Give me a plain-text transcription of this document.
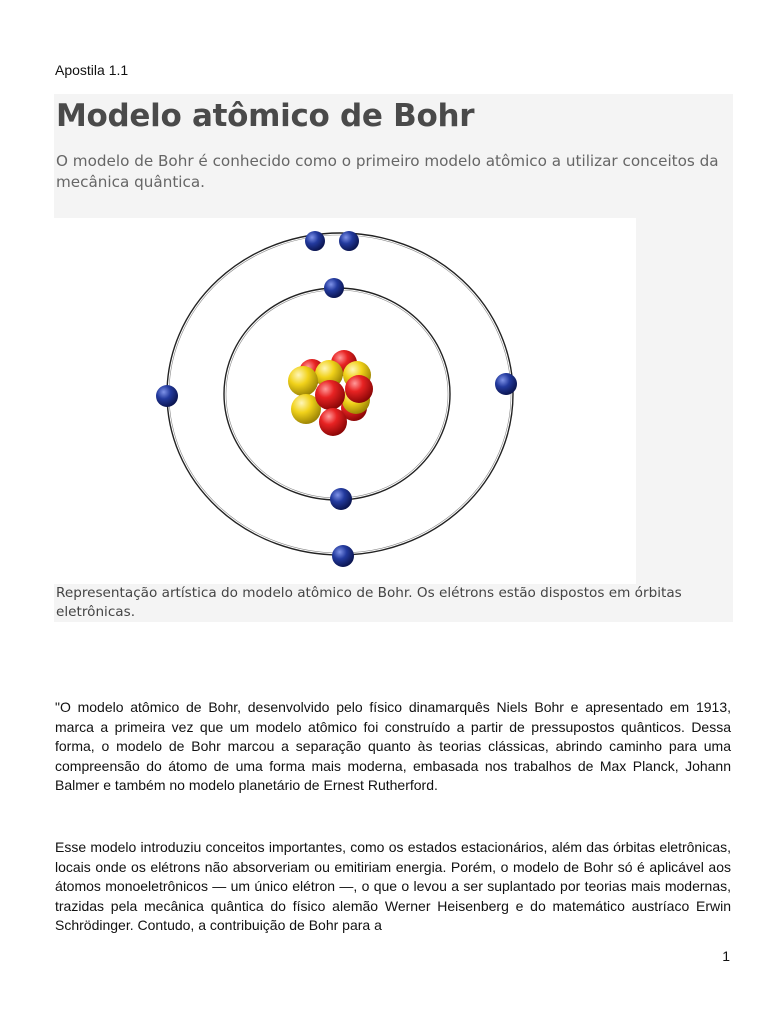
Apostila 1.1
Modelo atômico de Bohr
O modelo de Bohr é conhecido como o primeiro modelo atômico a utilizar conceitos da mecânica quântica.
Representação artística do modelo atômico de Bohr. Os elétrons estão dispostos em órbitas eletrônicas.

"O modelo atômico de Bohr, desenvolvido pelo físico dinamarquês Niels Bohr e apresentado em 1913, marca a primeira vez que um modelo atômico foi construído a partir de pressupostos quânticos. Dessa forma, o modelo de Bohr marcou a separação quanto às teorias clássicas, abrindo caminho para uma compreensão do átomo de uma forma mais moderna, embasada nos trabalhos de Max Planck, Johann Balmer e também no modelo planetário de Ernest Rutherford.

Esse modelo introduziu conceitos importantes, como os estados estacionários, além das órbitas eletrônicas, locais onde os elétrons não absorveriam ou emitiriam energia. Porém, o modelo de Bohr só é aplicável aos átomos monoeletrônicos — um único elétron —, o que o levou a ser suplantado por teorias mais modernas, trazidas pela mecânica quântica do físico alemão Werner Heisenberg e do matemático austríaco Erwin Schrödinger. Contudo, a contribuição de Bohr para a

1
